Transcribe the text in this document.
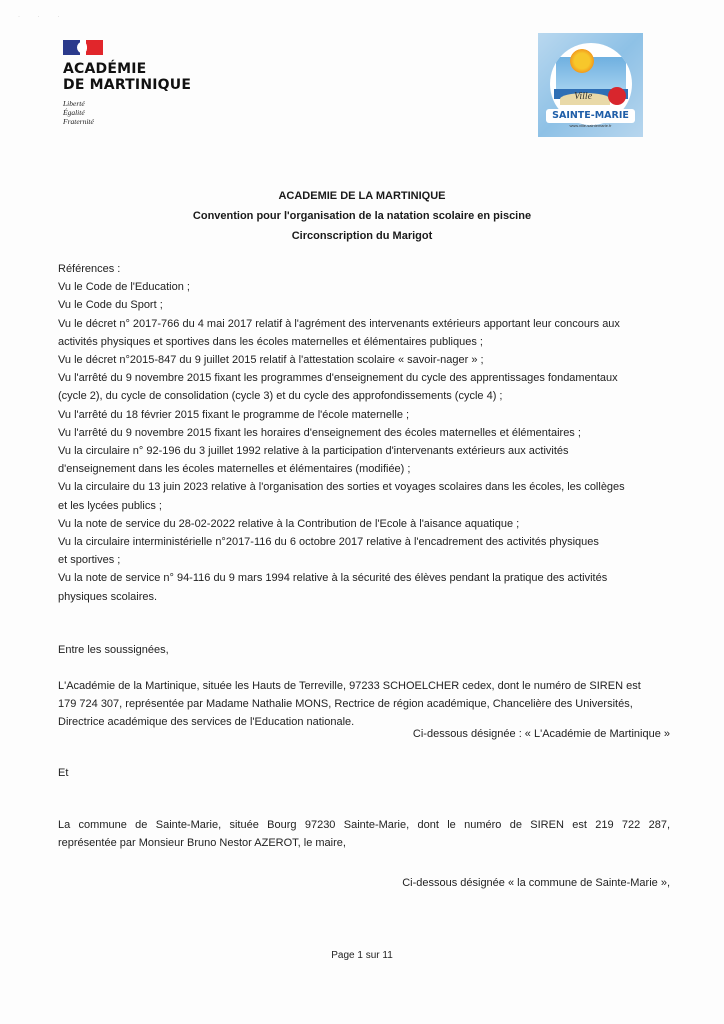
· · ·
ACADÉMIE
DE MARTINIQUE
Liberté
Égalité
Fraternité
Ville
SAINTE-MARIE
www.ville-saintemarie.fr
ACADEMIE DE LA MARTINIQUE
Convention pour l'organisation de la natation scolaire en piscine
Circonscription du Marigot
Références :
Vu le Code de l'Education ;
Vu le Code du Sport ;
Vu le décret n° 2017-766 du 4 mai 2017 relatif à l'agrément des intervenants extérieurs apportant leur concours aux
activités physiques et sportives dans les écoles maternelles et élémentaires publiques ;
Vu le décret n°2015-847 du 9 juillet 2015 relatif à l'attestation scolaire « savoir-nager » ;
Vu l'arrêté du 9 novembre 2015 fixant les programmes d'enseignement du cycle des apprentissages fondamentaux
(cycle 2), du cycle de consolidation (cycle 3) et du cycle des approfondissements (cycle 4) ;
Vu l'arrêté du 18 février 2015 fixant le programme de l'école maternelle ;
Vu l'arrêté du 9 novembre 2015 fixant les horaires d'enseignement des écoles maternelles et élémentaires ;
Vu la circulaire n° 92-196 du 3 juillet 1992 relative à la participation d'intervenants extérieurs aux activités
d'enseignement dans les écoles maternelles et élémentaires (modifiée) ;
Vu la circulaire du 13 juin 2023 relative à l'organisation des sorties et voyages scolaires dans les écoles, les collèges
et les lycées publics ;
Vu la note de service du 28-02-2022 relative à la Contribution de l'Ecole à l'aisance aquatique ;
Vu la circulaire interministérielle n°2017-116 du 6 octobre 2017 relative à l'encadrement des activités physiques
et sportives ;
Vu la note de service n° 94-116 du 9 mars 1994 relative à la sécurité des élèves pendant la pratique des activités
physiques scolaires.
Entre les soussignées,
L'Académie de la Martinique, située les Hauts de Terreville, 97233 SCHOELCHER cedex, dont le numéro de SIREN est
179 724 307, représentée par Madame Nathalie MONS, Rectrice de région académique, Chancelière des Universités,
Directrice académique des services de l'Education nationale.
Ci-dessous désignée : « L'Académie de Martinique »
Et
La commune de Sainte-Marie, située Bourg 97230 Sainte-Marie, dont le numéro de SIREN est 219 722 287,
représentée par Monsieur Bruno Nestor AZEROT, le maire,
Ci-dessous désignée « la commune de Sainte-Marie »,
Page 1 sur 11
